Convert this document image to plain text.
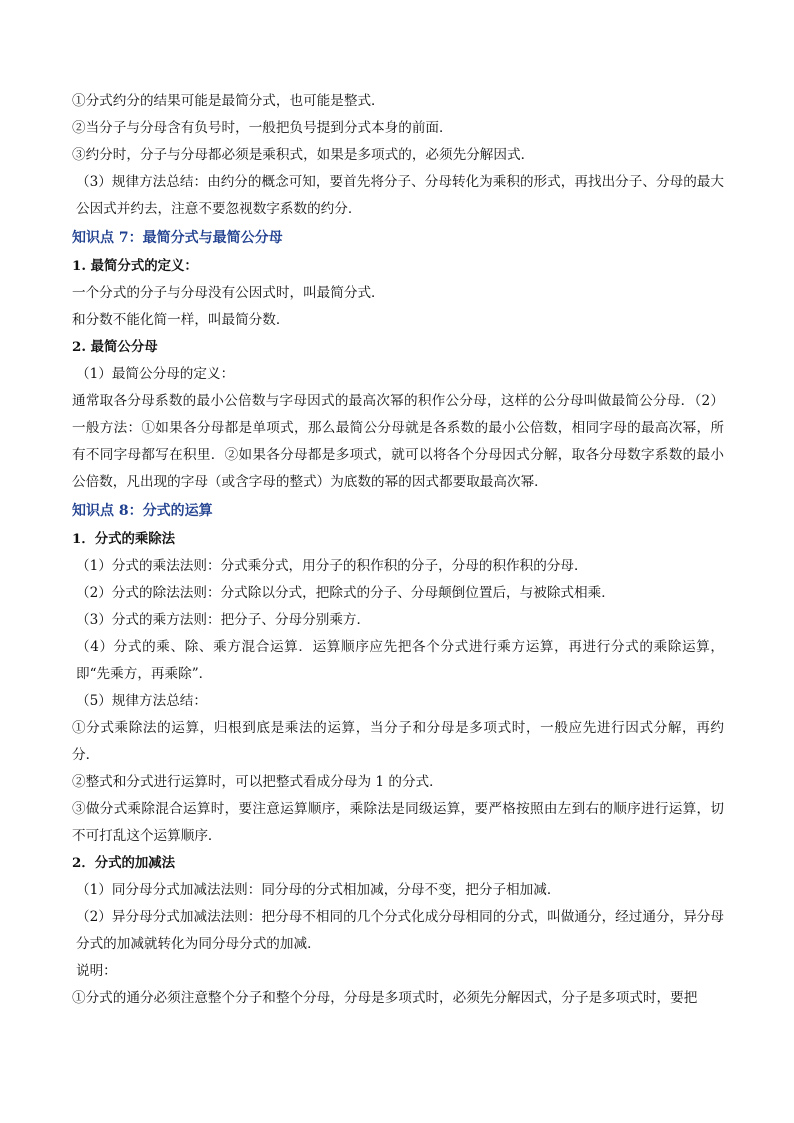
①分式约分的结果可能是最简分式，也可能是整式．

②当分子与分母含有负号时，一般把负号提到分式本身的前面．

③约分时，分子与分母都必须是乘积式，如果是多项式的，必须先分解因式．

（3）规律方法总结：由约分的概念可知，要首先将分子、分母转化为乘积的形式，再找出分子、分母的最大公因式并约去，注意不要忽视数字系数的约分．

知识点 7：最简分式与最简公分母

1. 最简分式的定义：

一个分式的分子与分母没有公因式时，叫最简分式．

和分数不能化简一样，叫最简分数．

2. 最简公分母

（1）最简公分母的定义：

通常取各分母系数的最小公倍数与字母因式的最高次幂的积作公分母，这样的公分母叫做最简公分母．（2）一般方法：①如果各分母都是单项式，那么最简公分母就是各系数的最小公倍数，相同字母的最高次幂，所有不同字母都写在积里．②如果各分母都是多项式，就可以将各个分母因式分解，取各分母数字系数的最小公倍数，凡出现的字母（或含字母的整式）为底数的幂的因式都要取最高次幂．

知识点 8：分式的运算

1．分式的乘除法

（1）分式的乘法法则：分式乘分式，用分子的积作积的分子，分母的积作积的分母．

（2）分式的除法法则：分式除以分式，把除式的分子、分母颠倒位置后，与被除式相乘．

（3）分式的乘方法则：把分子、分母分别乘方．

（4）分式的乘、除、乘方混合运算．运算顺序应先把各个分式进行乘方运算，再进行分式的乘除运算，即“先乘方，再乘除”．

（5）规律方法总结：

①分式乘除法的运算，归根到底是乘法的运算，当分子和分母是多项式时，一般应先进行因式分解，再约分．

②整式和分式进行运算时，可以把整式看成分母为 1 的分式．

③做分式乘除混合运算时，要注意运算顺序，乘除法是同级运算，要严格按照由左到右的顺序进行运算，切不可打乱这个运算顺序．

2．分式的加减法

（1）同分母分式加减法法则：同分母的分式相加减，分母不变，把分子相加减．

（2）异分母分式加减法法则：把分母不相同的几个分式化成分母相同的分式，叫做通分，经过通分，异分母分式的加减就转化为同分母分式的加减．

说明：

①分式的通分必须注意整个分子和整个分母，分母是多项式时，必须先分解因式，分子是多项式时，要把
